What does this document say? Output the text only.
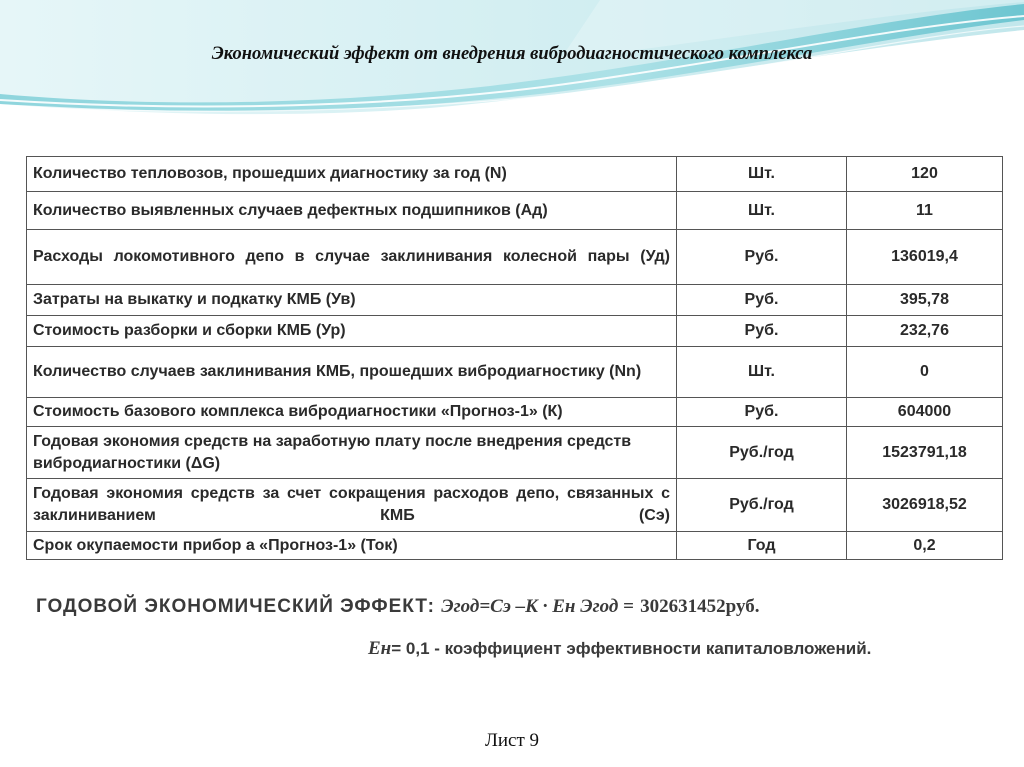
Экономический эффект от внедрения вибродиагностического комплекса
Количество тепловозов, прошедших диагностику за год (N)	Шт.	120
Количество выявленных случаев дефектных подшипников (Aд)	Шт.	11
Расходы локомотивного депо в случае заклинивания колесной пары (Уд)	Руб.	136019,4
Затраты на выкатку и подкатку КМБ (Ув)	Руб.	395,78
Стоимость разборки и сборки КМБ (Ур)	Руб.	232,76
Количество случаев заклинивания КМБ, прошедших вибродиагностику (Nn)	Шт.	0
Стоимость базового комплекса вибродиагностики «Прогноз-1» (К)	Руб.	604000
Годовая экономия средств на заработную плату после внедрения средств вибродиагностики (ΔG)	Руб./год	1523791,18
Годовая экономия средств за счет сокращения расходов депо, связанных с заклиниванием КМБ (Сэ)	Руб./год	3026918,52
Срок окупаемости прибор а «Прогноз-1» (Ток)	Год	0,2
ГОДОВОЙ ЭКОНОМИЧЕСКИЙ ЭФФЕКТ: Эгод=Сэ –К · Ен Эгод = 302631452руб.
Ен= 0,1 - коэффициент эффективности капиталовложений.
Лист 9
